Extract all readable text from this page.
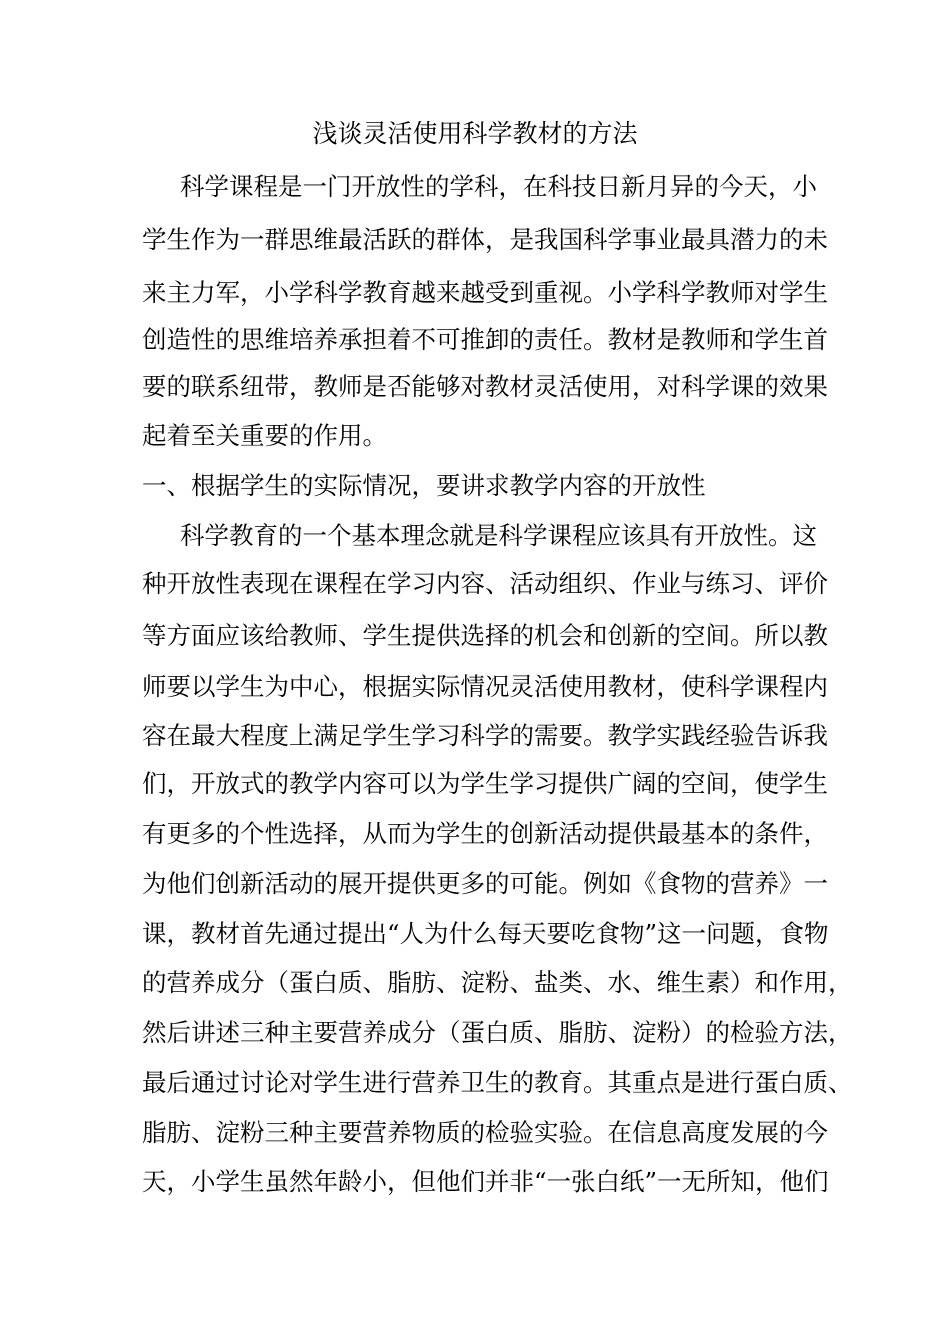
浅谈灵活使用科学教材的方法
科学课程是一门开放性的学科，在科技日新月异的今天，小
学生作为一群思维最活跃的群体，是我国科学事业最具潜力的未
来主力军，小学科学教育越来越受到重视。小学科学教师对学生
创造性的思维培养承担着不可推卸的责任。教材是教师和学生首
要的联系纽带，教师是否能够对教材灵活使用，对科学课的效果
起着至关重要的作用。
一、根据学生的实际情况，要讲求教学内容的开放性
科学教育的一个基本理念就是科学课程应该具有开放性。这
种开放性表现在课程在学习内容、活动组织、作业与练习、评价
等方面应该给教师、学生提供选择的机会和创新的空间。所以教
师要以学生为中心，根据实际情况灵活使用教材，使科学课程内
容在最大程度上满足学生学习科学的需要。教学实践经验告诉我
们，开放式的教学内容可以为学生学习提供广阔的空间，使学生
有更多的个性选择，从而为学生的创新活动提供最基本的条件，
为他们创新活动的展开提供更多的可能。例如《食物的营养》一
课，教材首先通过提出“人为什么每天要吃食物”这一问题，食物
的营养成分（蛋白质、脂肪、淀粉、盐类、水、维生素）和作用，
然后讲述三种主要营养成分（蛋白质、脂肪、淀粉）的检验方法，
最后通过讨论对学生进行营养卫生的教育。其重点是进行蛋白质、
脂肪、淀粉三种主要营养物质的检验实验。在信息高度发展的今
天，小学生虽然年龄小，但他们并非“一张白纸”一无所知，他们
